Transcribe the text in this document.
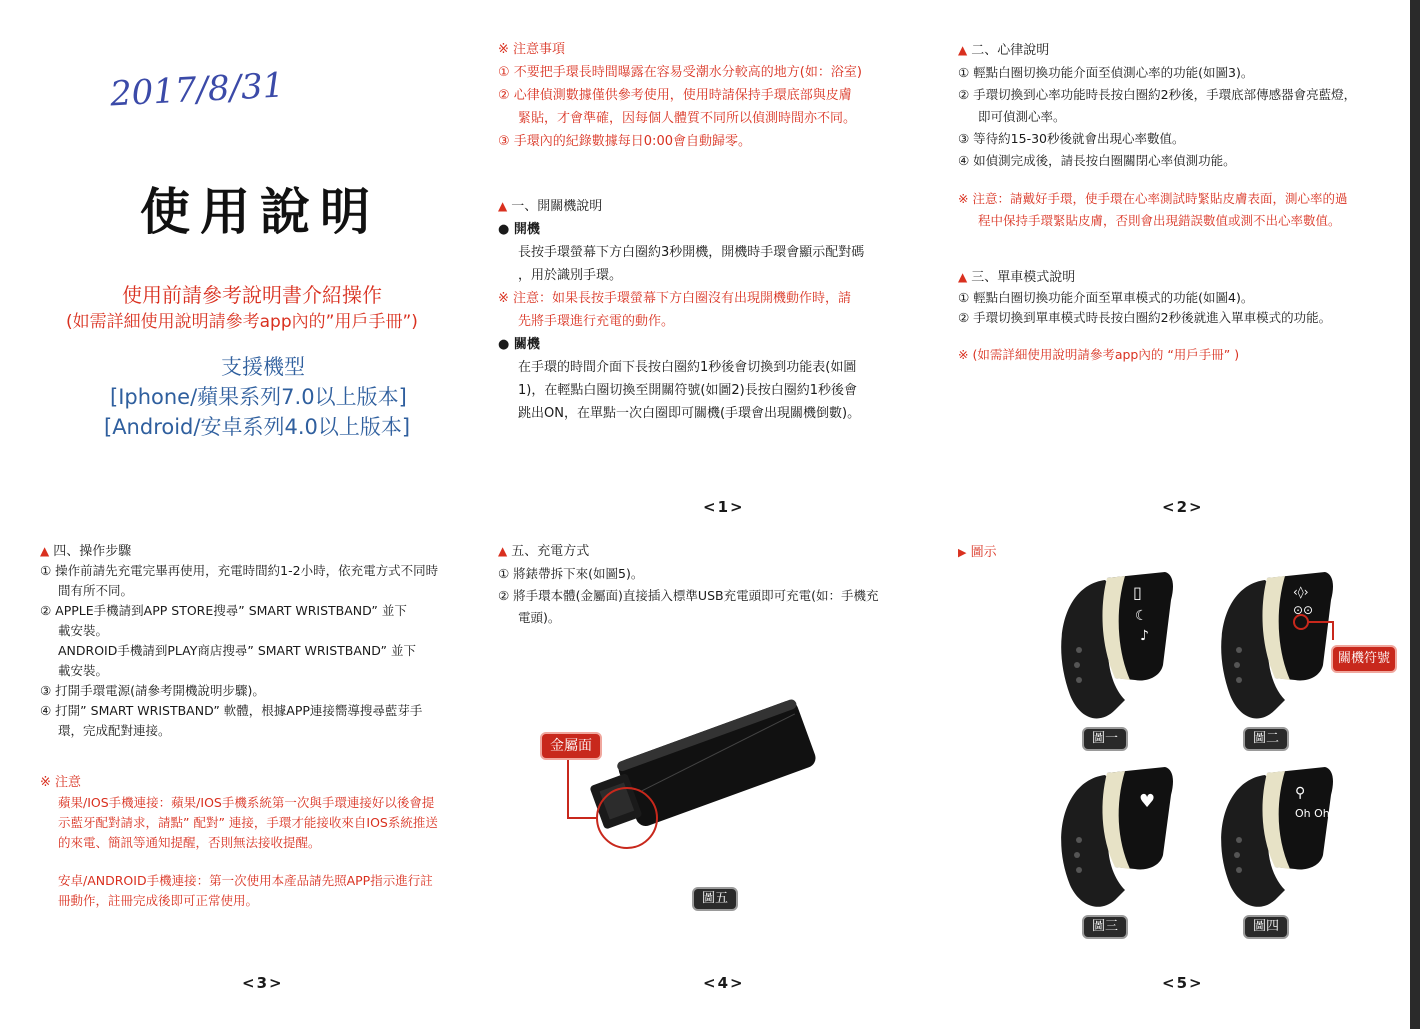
2017/8/31
使用說明
使用前請參考說明書介紹操作
(如需詳細使用說明請參考app內的”用戶手冊”)
支援機型
[Iphone/蘋果系列7.0以上版本]
[Android/安卓系列4.0以上版本]
※ 注意事項
① 不要把手環長時間曝露在容易受潮水分較高的地方(如：浴室)
② 心律偵測數據僅供參考使用，使用時請保持手環底部與皮膚
緊貼，才會準確，因每個人體質不同所以偵測時間亦不同。
③ 手環內的紀錄數據每日0:00會自動歸零。
▲ 一、開關機說明
● 開機
長按手環螢幕下方白圈約3秒開機，開機時手環會顯示配對碼
，用於識別手環。
※ 注意：如果長按手環螢幕下方白圈沒有出現開機動作時，請
先將手環進行充電的動作。
● 關機
在手環的時間介面下長按白圈約1秒後會切換到功能表(如圖
1)，在輕點白圈切換至開關符號(如圖2)長按白圈約1秒後會
跳出ON，在單點一次白圈即可關機(手環會出現關機倒數)。
<1>
▲ 二、心律說明
① 輕點白圈切換功能介面至偵測心率的功能(如圖3)。
② 手環切換到心率功能時長按白圈約2秒後，手環底部傳感器會亮藍燈，
即可偵測心率。
③ 等待約15-30秒後就會出現心率數值。
④ 如偵測完成後，請長按白圈關閉心率偵測功能。
※ 注意：請戴好手環，使手環在心率測試時緊貼皮膚表面，測心率的過
程中保持手環緊貼皮膚，否則會出現錯誤數值或測不出心率數值。
▲ 三、單車模式說明
① 輕點白圈切換功能介面至單車模式的功能(如圖4)。
② 手環切換到單車模式時長按白圈約2秒後就進入單車模式的功能。
※ (如需詳細使用說明請參考app內的 “用戶手冊” )
<2>
▲ 四、操作步驟
① 操作前請先充電完畢再使用，充電時間約1-2小時，依充電方式不同時
間有所不同。
② APPLE手機請到APP STORE搜尋” SMART WRISTBAND” 並下
載安裝。
ANDROID手機請到PLAY商店搜尋” SMART WRISTBAND” 並下
載安裝。
③ 打開手環電源(請參考開機說明步驟)。
④ 打開” SMART WRISTBAND” 軟體，根據APP連接嚮導搜尋藍芽手
環，完成配對連接。
※ 注意
蘋果/IOS手機連接：蘋果/IOS手機系統第一次與手環連接好以後會提
示藍牙配對請求，請點” 配對” 連接，手環才能接收來自IOS系統推送
的來電、簡訊等通知提醒，否則無法接收提醒。
安卓/ANDROID手機連接：第一次使用本產品請先照APP指示進行註
冊動作，註冊完成後即可正常使用。
<3>
▲ 五、充電方式
① 將錶帶拆下來(如圖5)。
② 將手環本體(金屬面)直接插入標準USB充電頭即可充電(如：手機充
電頭)。
金屬面
圖五
<4>
▶ 圖示
▯
☾
♪
圖一
‹◊›
⊙⊙
關機符號
圖二
♥
圖三
⚲
Oh Oh
圖四
<5>
